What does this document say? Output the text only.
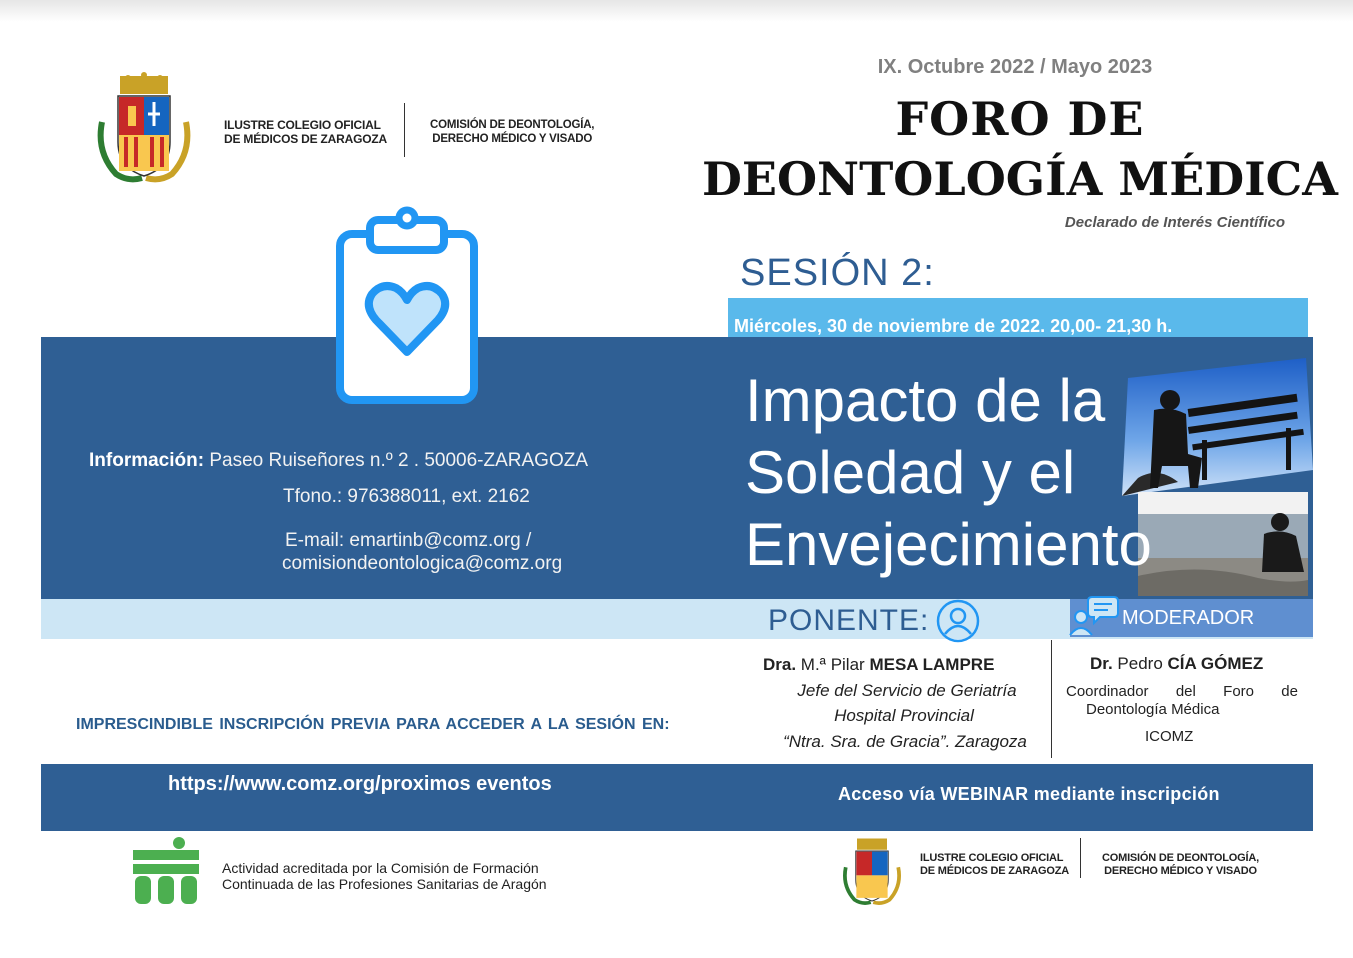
ILUSTRE COLEGIO OFICIAL
DE MÉDICOS DE ZARAGOZA
COMISIÓN DE DEONTOLOGÍA,
DERECHO MÉDICO Y VISADO
IX. Octubre 2022 / Mayo 2023
FORO DE
DEONTOLOGÍA MÉDICA
Declarado de Interés Científico
SESIÓN 2:
Miércoles, 30 de noviembre de 2022. 20,00- 21,30 h.
Información: Paseo Ruiseñores n.º 2 . 50006-ZARAGOZA
Tfono.: 976388011, ext. 2162
E-mail: emartinb@comz.org /
comisiondeontologica@comz.org
Impacto de la
Soledad y el
Envejecimiento
PONENTE:	MODERADOR
Dra. M.ª Pilar MESA LAMPRE
Jefe del Servicio de Geriatría
Hospital Provincial
“Ntra. Sra. de Gracia”. Zaragoza
Dr. Pedro CÍA GÓMEZ
Coordinador del Foro de
Deontología Médica
ICOMZ
IMPRESCINDIBLE INSCRIPCIÓN PREVIA PARA ACCEDER A LA SESIÓN EN:
https://www.comz.org/proximos eventos	Acceso vía WEBINAR mediante inscripción
Actividad acreditada por la Comisión de Formación
Continuada de las Profesiones Sanitarias de Aragón
ILUSTRE COLEGIO OFICIAL
DE MÉDICOS DE ZARAGOZA
COMISIÓN DE DEONTOLOGÍA,
DERECHO MÉDICO Y VISADO
